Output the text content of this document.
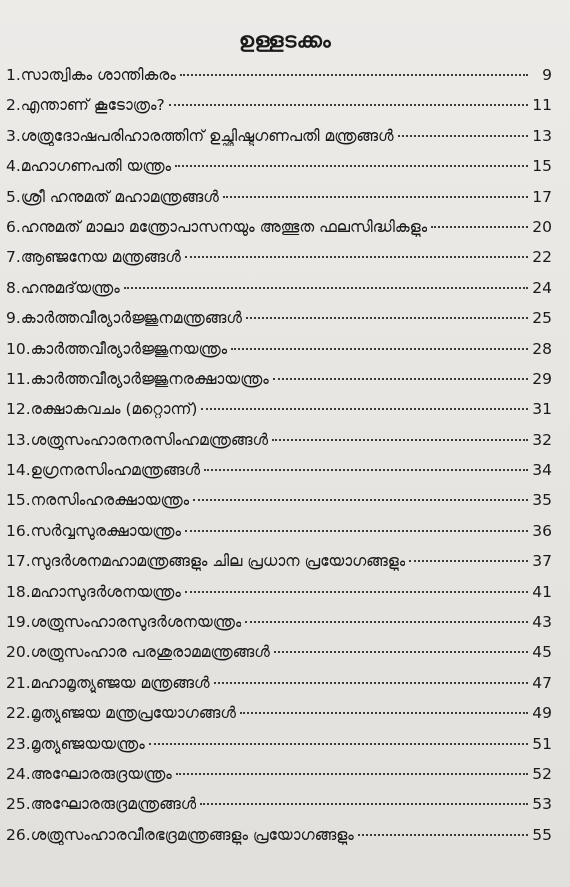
ഉള്ളടക്കം
1.സാത്വികം ശാന്തികരം	9
2.എന്താണ് കൂടോത്രം?	11
3.ശത്രുദോഷപരിഹാരത്തിന് ഉച്ഛിഷ്ടഗണപതി മന്ത്രങ്ങൾ	13
4.മഹാഗണപതി യന്ത്രം	15
5.ശ്രീ ഹനുമത് മഹാമന്ത്രങ്ങൾ	17
6.ഹനുമത് മാലാ മന്ത്രോപാസനയും അത്ഭുത ഫലസിദ്ധികളും	20
7.ആഞ്ജനേയ മന്ത്രങ്ങൾ	22
8.ഹനുമദ്‌യന്ത്രം	24
9.കാർത്തവീര്യാർജ്ജുനമന്ത്രങ്ങൾ	25
10.കാർത്തവീര്യാർജ്ജുനയന്ത്രം	28
11.കാർത്തവീര്യാർജ്ജുനരക്ഷായന്ത്രം	29
12.രക്ഷാകവചം (മറ്റൊന്ന്)	31
13.ശത്രുസംഹാരനരസിംഹമന്ത്രങ്ങൾ	32
14.ഉഗ്രനരസിംഹമന്ത്രങ്ങൾ	34
15.നരസിംഹരക്ഷായന്ത്രം	35
16.സർവ്വസുരക്ഷായന്ത്രം	36
17.സുദർശനമഹാമന്ത്രങ്ങളും ചില പ്രധാന പ്രയോഗങ്ങളും	37
18.മഹാസുദർശനയന്ത്രം	41
19.ശത്രുസംഹാരസുദർശനയന്ത്രം	43
20.ശത്രുസംഹാര പരശുരാമമന്ത്രങ്ങൾ	45
21.മഹാമൃത്യുഞ്ജയ മന്ത്രങ്ങൾ	47
22.മൃത്യുഞ്ജയ മന്ത്രപ്രയോഗങ്ങൾ	49
23.മൃത്യുഞ്ജയയന്ത്രം	51
24.അഘോരരുദ്രയന്ത്രം	52
25.അഘോരരുദ്രമന്ത്രങ്ങൾ	53
26.ശത്രുസംഹാരവീരഭദ്രമന്ത്രങ്ങളും പ്രയോഗങ്ങളും	55
